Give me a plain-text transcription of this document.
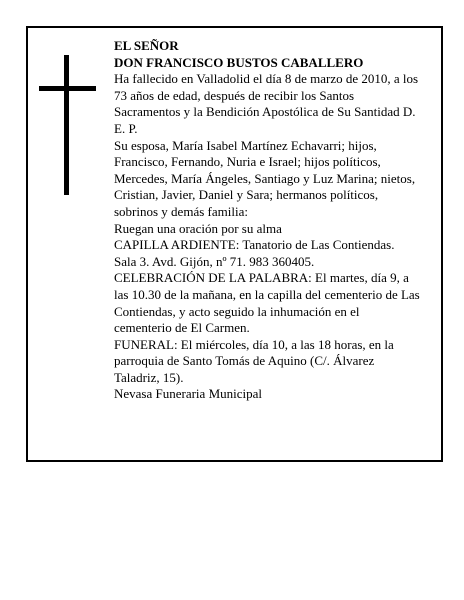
EL SEÑOR

DON FRANCISCO BUSTOS CABALLERO

Ha fallecido en Valladolid el día 8 de marzo de 2010, a los 73 años de edad, después de recibir los Santos Sacramentos y la Bendición Apostólica de Su Santidad D. E. P.

Su esposa, María Isabel Martínez Echavarri; hijos, Francisco, Fernando, Nuria e Israel; hijos políticos, Mercedes, María Ángeles, Santiago y Luz Marina; nietos, Cristian, Javier, Daniel y Sara; hermanos políticos, sobrinos y demás familia:

Ruegan una oración por su alma

CAPILLA ARDIENTE: Tanatorio de Las Contiendas. Sala 3. Avd. Gijón, nº 71. 983 360405.

CELEBRACIÓN DE LA PALABRA: El martes, día 9, a las 10.30 de la mañana, en la capilla del cementerio de Las Contiendas, y acto seguido la inhumación en el cementerio de El Carmen.

FUNERAL: El miércoles, día 10, a las 18 horas, en la parroquia de Santo Tomás de Aquino (C/. Álvarez Taladriz, 15).

Nevasa Funeraria Municipal
